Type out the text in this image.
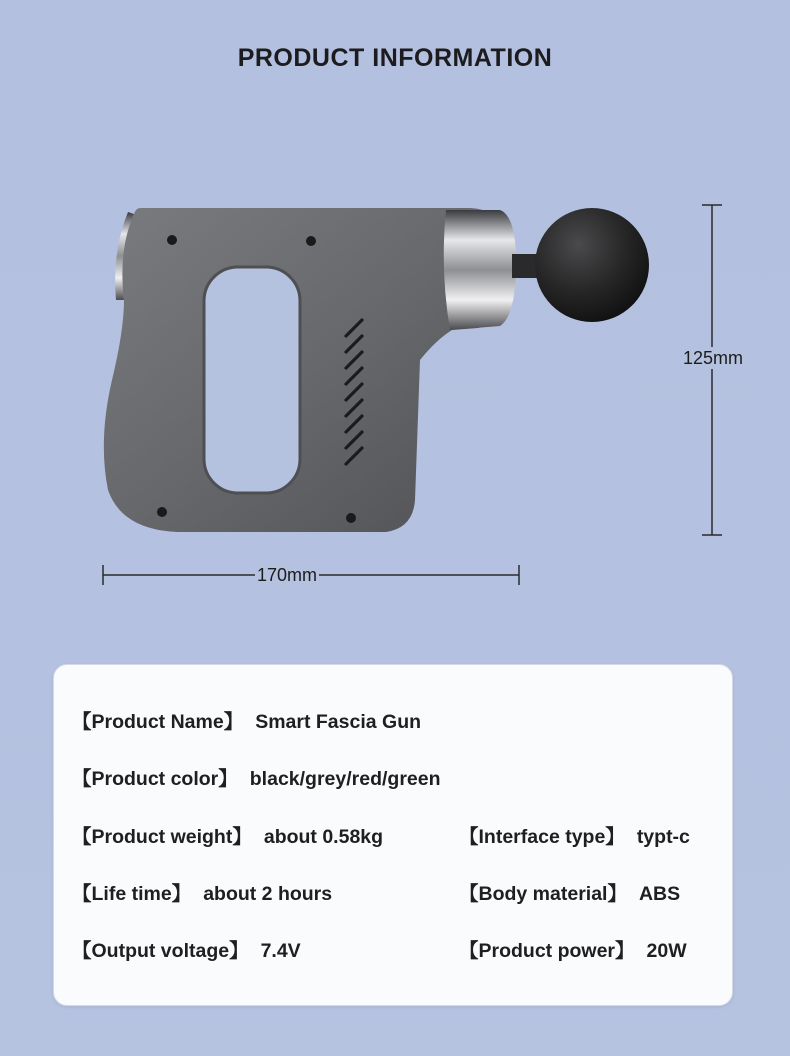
PRODUCT INFORMATION
125mm
170mm
【Product Name】 Smart Fascia Gun
【Product color】 black/grey/red/green
【Product weight】 about 0.58kg	【Interface type】 typt-c
【Life time】 about 2 hours	【Body material】 ABS
【Output voltage】 7.4V	【Product power】 20W
